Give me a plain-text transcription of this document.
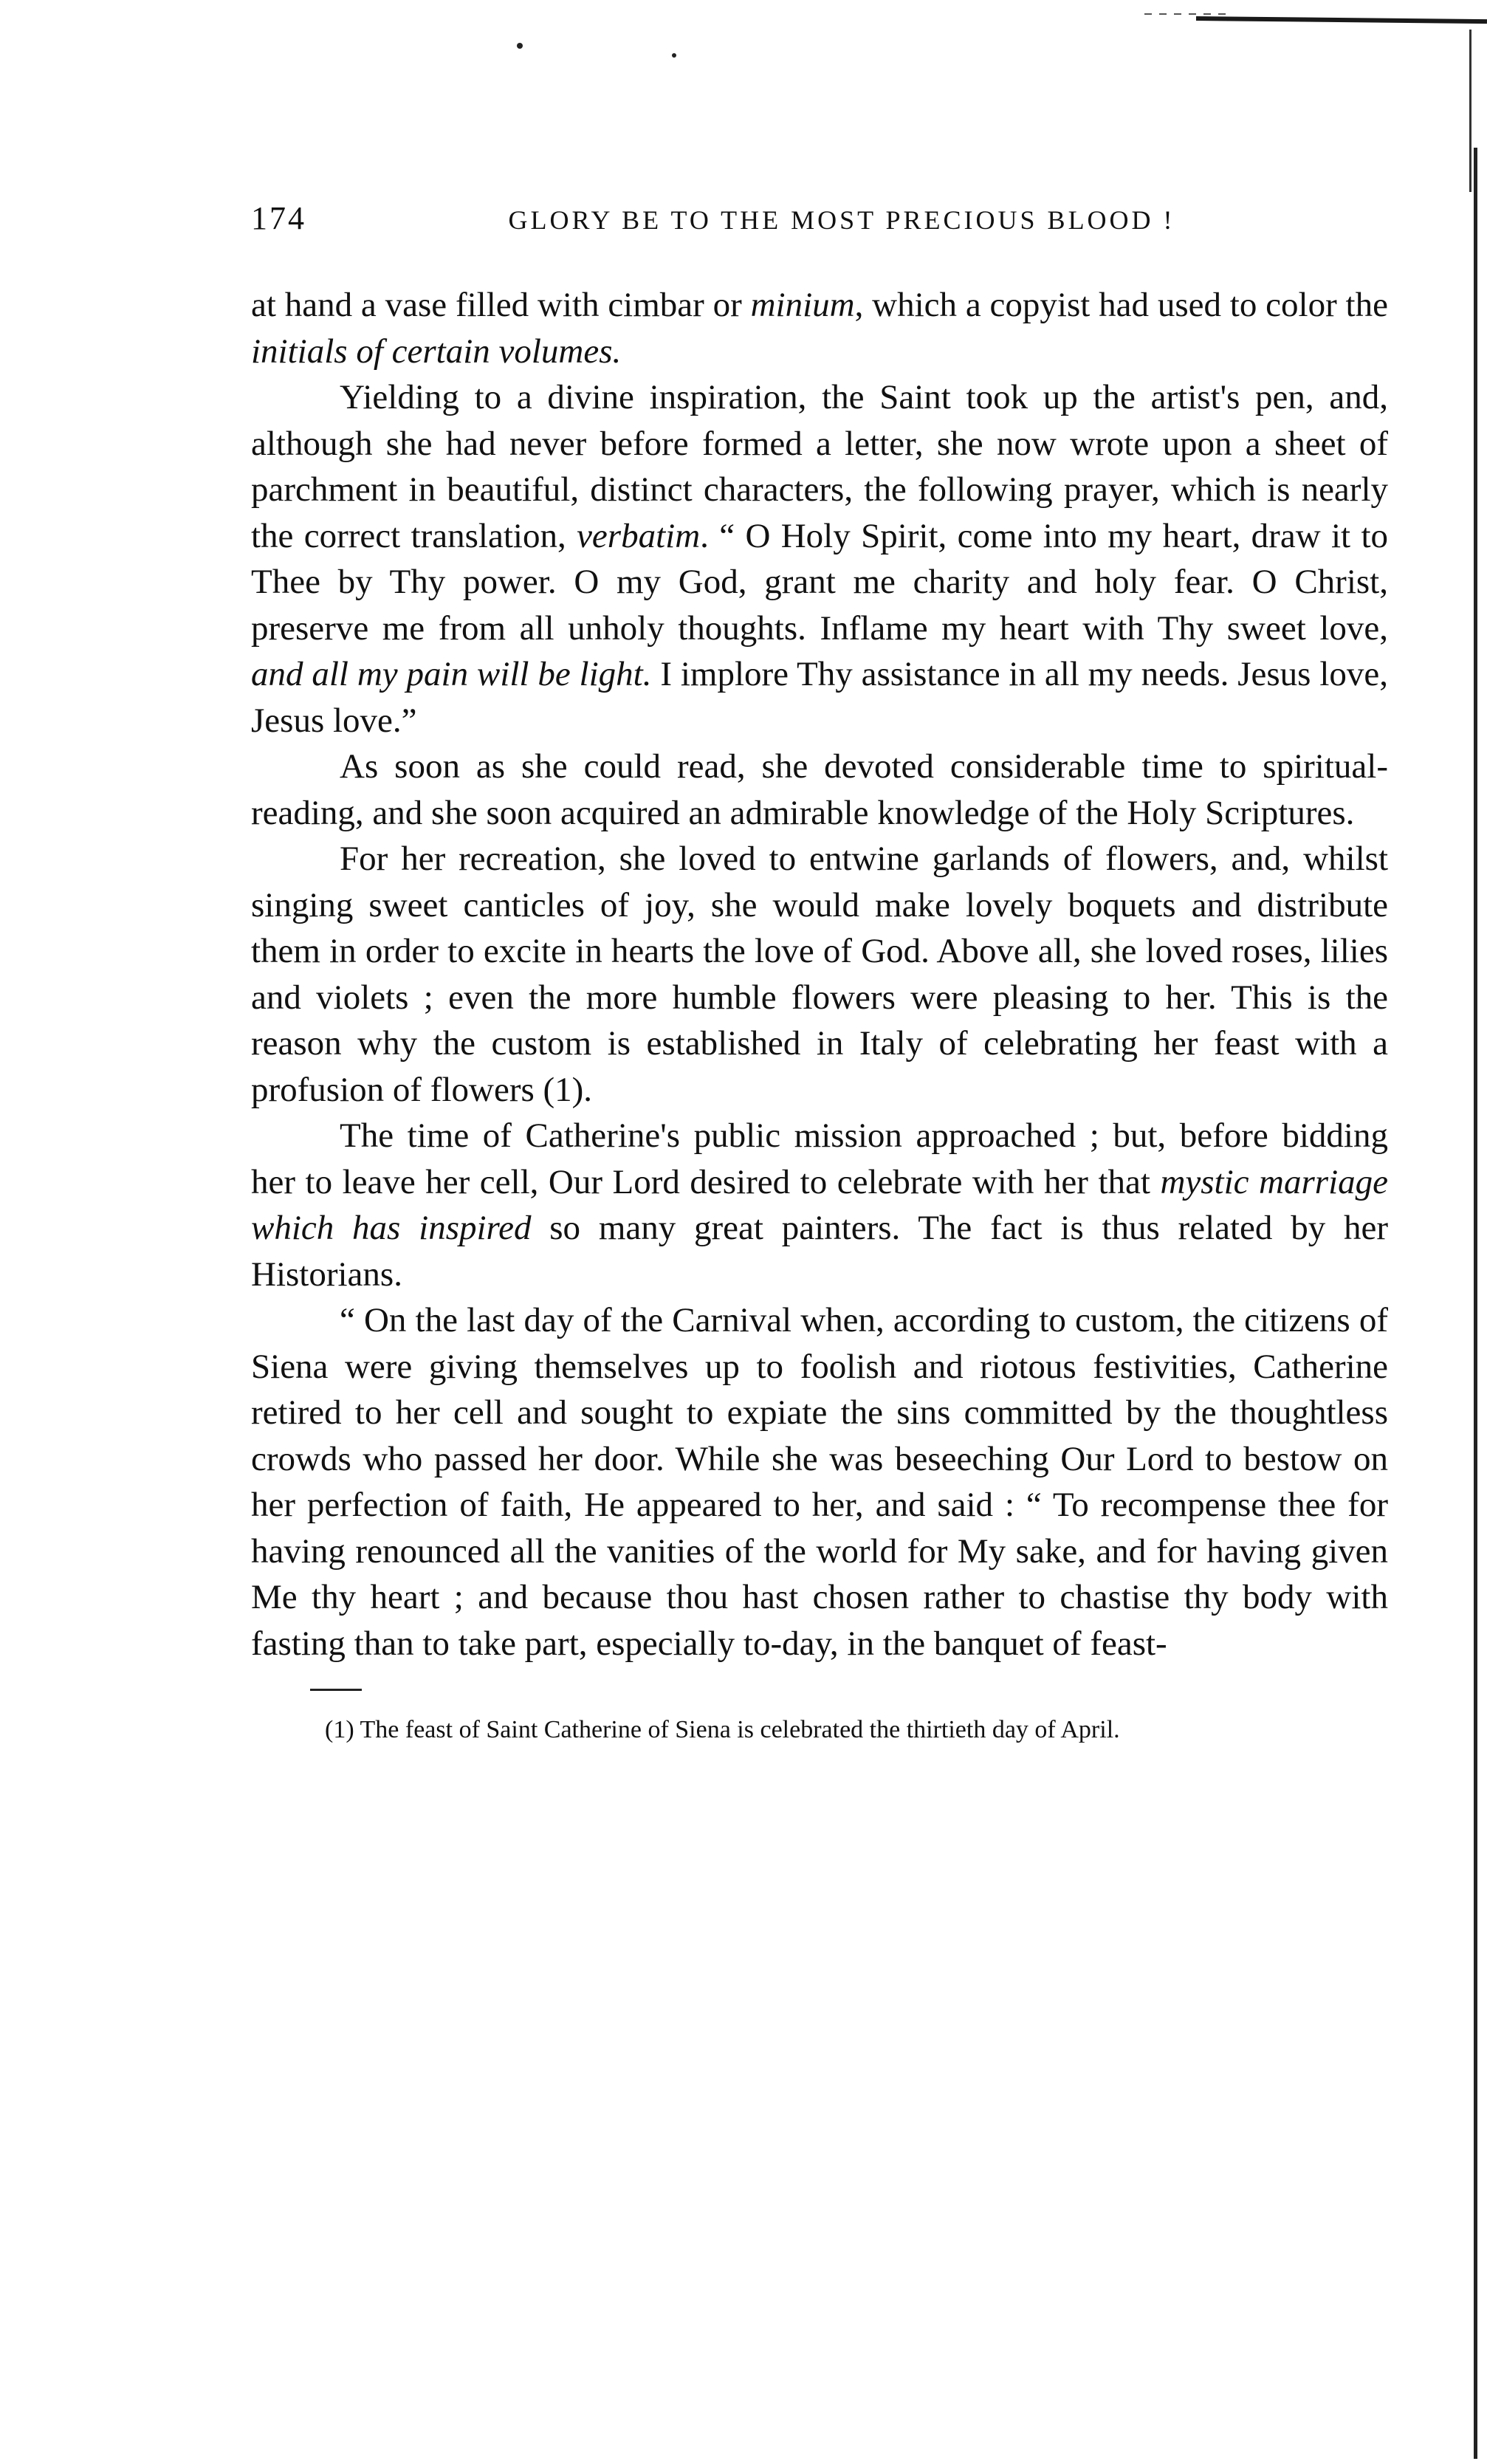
174	GLORY BE TO THE MOST PRECIOUS BLOOD !

at hand a vase filled with cimbar or minium, which a copyist had used to color the initials of certain volumes.

Yielding to a divine inspiration, the Saint took up the artist's pen, and, although she had never before formed a letter, she now wrote upon a sheet of parchment in beautiful, distinct characters, the following prayer, which is nearly the correct translation, verbatim. “ O Holy Spirit, come into my heart, draw it to Thee by Thy power. O my God, grant me charity and holy fear. O Christ, preserve me from all unholy thoughts. Inflame my heart with Thy sweet love, and all my pain will be light. I implore Thy assistance in all my needs. Jesus love, Jesus love.”

As soon as she could read, she devoted considerable time to spiritual-reading, and she soon acquired an admirable knowledge of the Holy Scriptures.

For her recreation, she loved to entwine garlands of flowers, and, whilst singing sweet canticles of joy, she would make lovely boquets and distribute them in order to excite in hearts the love of God. Above all, she loved roses, lilies and violets ; even the more humble flowers were pleasing to her. This is the reason why the custom is established in Italy of celebrating her feast with a profusion of flowers (1).

The time of Catherine's public mission approached ; but, before bidding her to leave her cell, Our Lord desired to celebrate with her that mystic marriage which has inspired so many great painters. The fact is thus related by her Historians.

“ On the last day of the Carnival when, according to custom, the citizens of Siena were giving themselves up to foolish and riotous festivities, Catherine retired to her cell and sought to expiate the sins committed by the thoughtless crowds who passed her door. While she was beseeching Our Lord to bestow on her perfection of faith, He appeared to her, and said : “ To recompense thee for having renounced all the vanities of the world for My sake, and for having given Me thy heart ; and because thou hast chosen rather to chastise thy body with fasting than to take part, especially to-day, in the banquet of feast-

(1) The feast of Saint Catherine of Siena is celebrated the thirtieth day of April.
